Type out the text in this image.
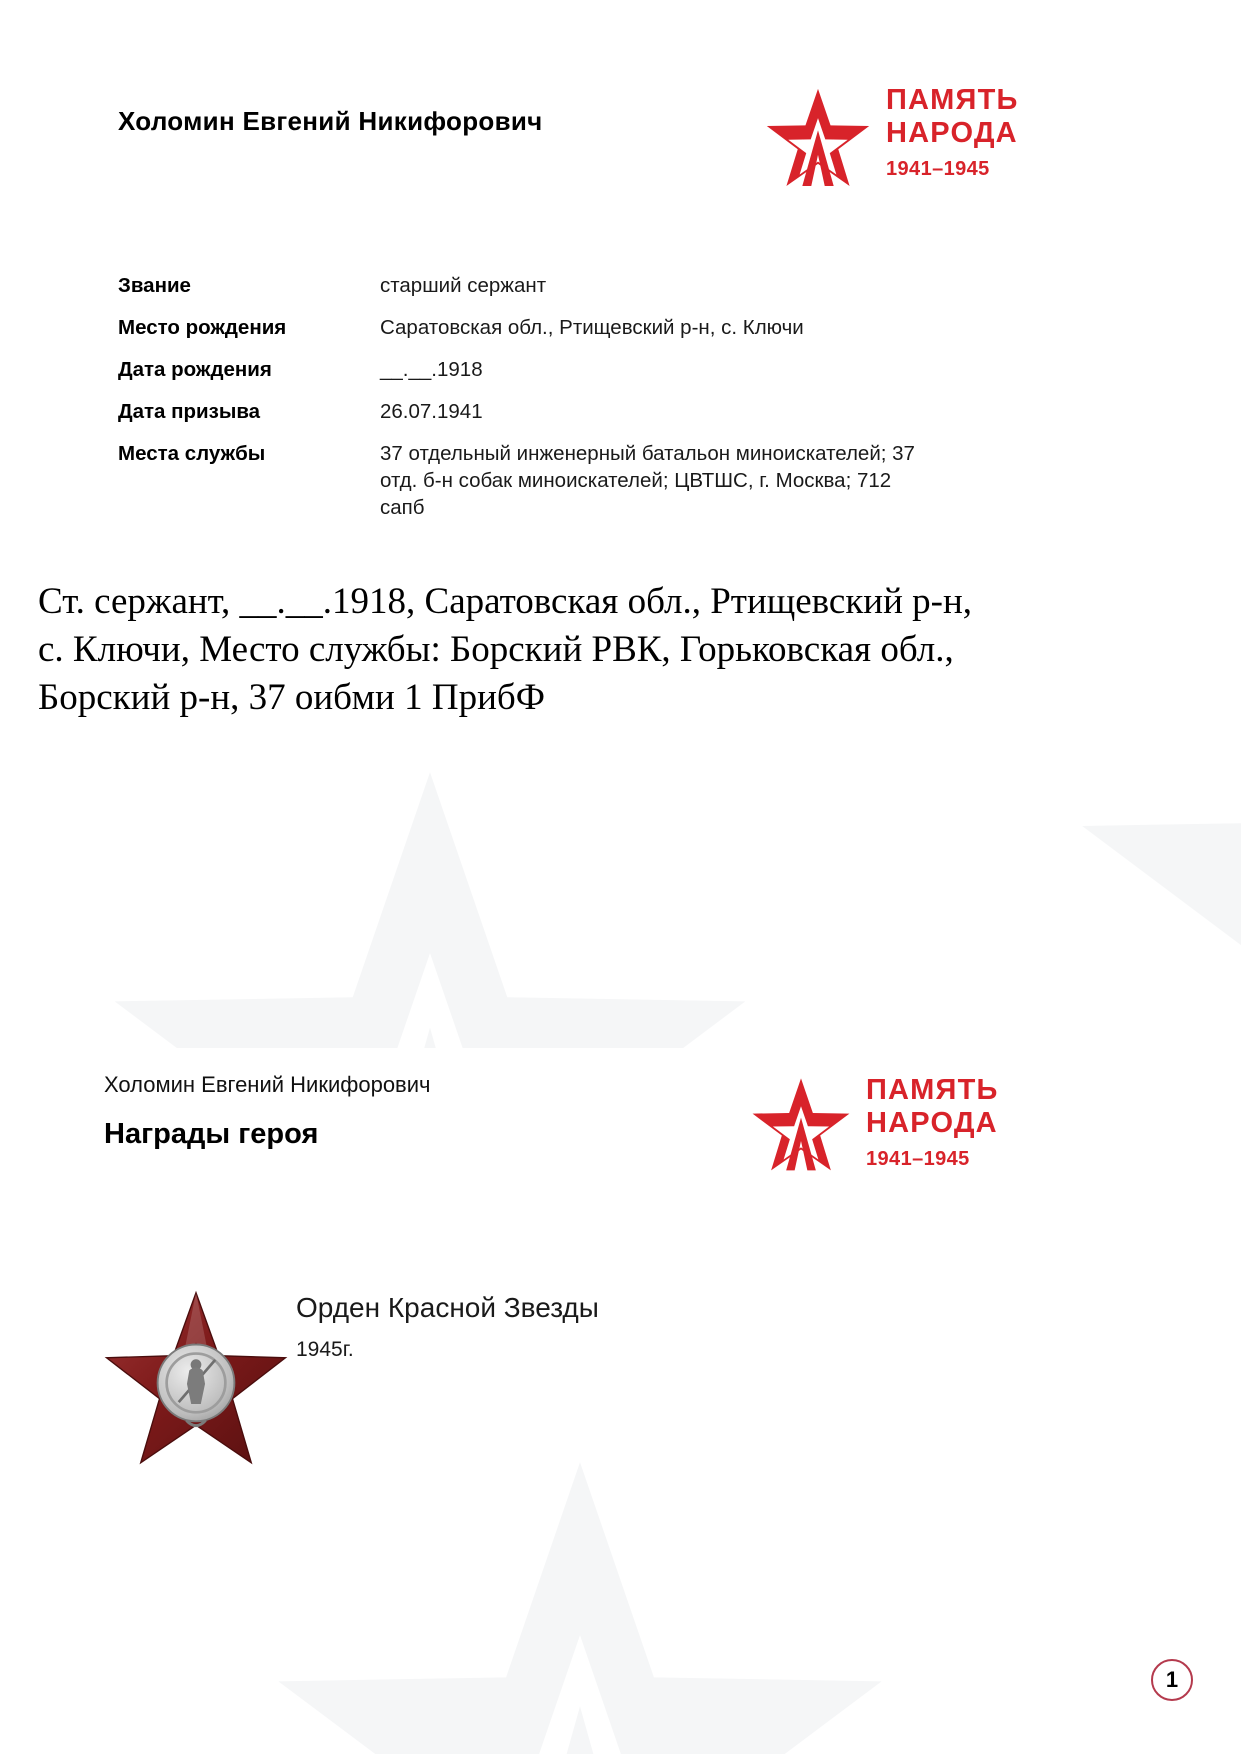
Холомин Евгений Никифорович
ПАМЯТЬ
НАРОДА
1941–1945
Звание	старший сержант
Место рождения	Саратовская обл., Ртищевский р-н, с. Ключи
Дата рождения	__.__.1918
Дата призыва	26.07.1941
Места службы	37 отдельный инженерный батальон миноискателей; 37 отд. б-н собак миноискателей; ЦВТШС, г. Москва; 712 сапб
Ст. сержант, __.__.1918, Саратовская обл., Ртищевский р-н, с. Ключи, Место службы: Борский РВК, Горьковская обл., Борский р-н, 37 оибми 1 ПрибФ
Холомин Евгений Никифорович
Награды героя
ПАМЯТЬ
НАРОДА
1941–1945
Орден Красной Звезды
1945г.
1
